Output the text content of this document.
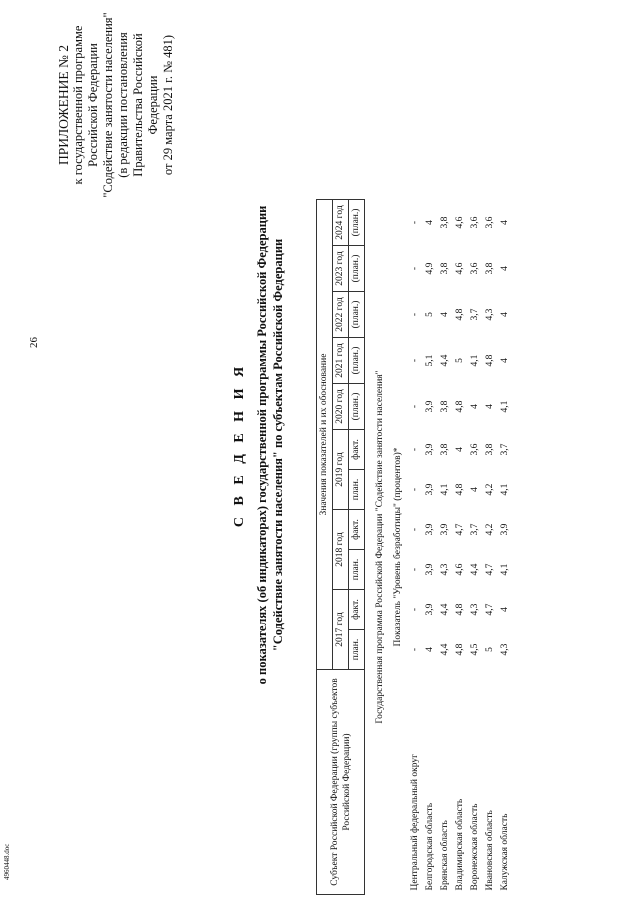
26
4960448.doc
ПРИЛОЖЕНИЕ № 2 к государственной программе Российской Федерации "Содействие занятости населения" (в редакции постановления Правительства Российской Федерации от 29 марта 2021 г. № 481)
С В Е Д Е Н И Я о показателях (об индикаторах) государственной программы Российской Федерации "Содействие занятости населения" по субъектам Российской Федерации
Субъект Российской Федерации (группы субъектов Российской Федерации)	Значения показателей и их обоснование										
	2017 год		2018 год		2019 год		2020 год	2021 год	2022 год	2023 год	2024 год
	план.	факт.	план.	факт.	план.	факт.	(план.)	(план.)	(план.)	(план.)	(план.)
Государственная программа Российской Федерации "Содействие занятости населения"											
Показатель "Уровень безработицы" (процентов)*											
Центральный федеральный округ	-	-	-	-	-	-	-	-	-	-	-
Белгородская область	4	3,9	3,9	3,9	3,9	3,9	3,9	5,1	5	4,9	4
Брянская область	4,4	4,4	4,3	3,9	4,1	3,8	3,8	4,4	4	3,8	3,8
Владимирская область	4,8	4,8	4,6	4,7	4,8	4	4,8	5	4,8	4,6	4,6
Воронежская область	4,5	4,3	4,4	3,7	4	3,6	4	4,1	3,7	3,6	3,6
Ивановская область	5	4,7	4,7	4,2	4,2	3,8	4	4,8	4,3	3,8	3,6
Калужская область	4,3	4	4,1	3,9	4,1	3,7	4,1	4	4	4	4
